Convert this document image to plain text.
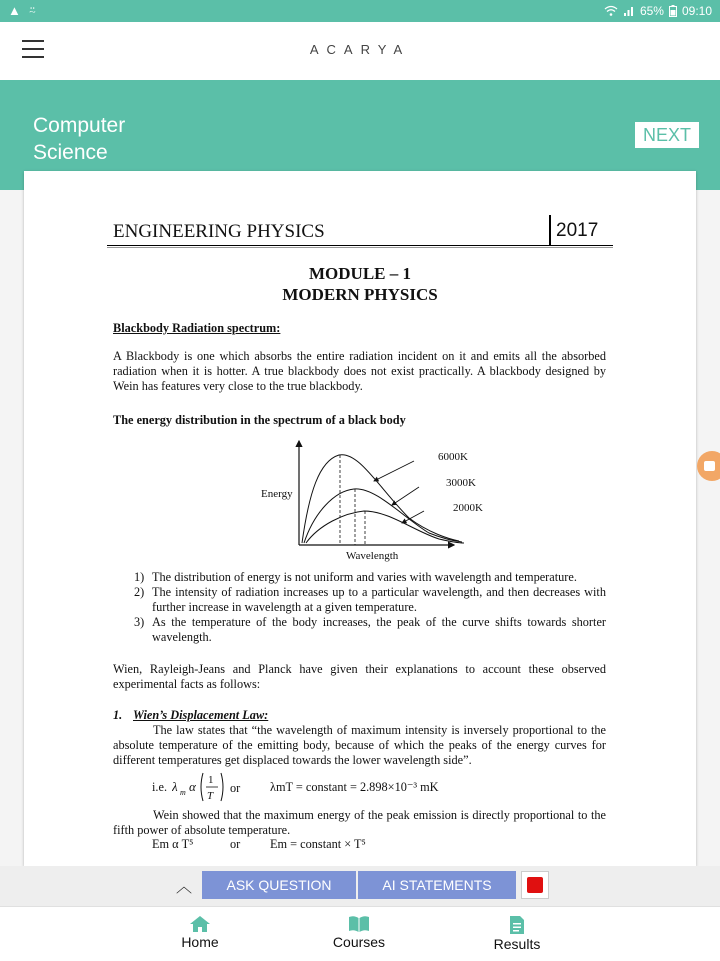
▲ ⍨	65% 09:10
ACARYA
Computer Science
NEXT
ENGINEERING PHYSICS	2017
MODULE – 1
MODERN PHYSICS
Blackbody Radiation spectrum:
A Blackbody is one which absorbs the entire radiation incident on it and emits all the absorbed radiation when it is hotter. A true blackbody does not exist practically. A blackbody designed by Wein has features very close to the true blackbody.
The energy distribution in the spectrum of a black body
6000K
3000K
2000K
Energy
Wavelength
1) The distribution of energy is not uniform and varies with wavelength and temperature.
2) The intensity of radiation increases up to a particular wavelength, and then decreases with further increase in wavelength at a given temperature.
3) As the temperature of the body increases, the peak of the curve shifts towards shorter wavelength.
Wien, Rayleigh-Jeans and Planck have given their explanations to account these observed experimental facts as follows:
1. Wien’s Displacement Law:
The law states that “the wavelength of maximum intensity is inversely proportional to the absolute temperature of the emitting body, because of which the peaks of the energy curves for different temperatures get displaced towards the lower wavelength side”.
i.e. λ m α 1
T
or λmT = constant = 2.898×10⁻³ mK
Wein showed that the maximum energy of the peak emission is directly proportional to the fifth power of absolute temperature.
Em α T⁵	or Em = constant × T⁵
︿	ASK QUESTION	AI STATEMENTS
Home	Courses	Results
